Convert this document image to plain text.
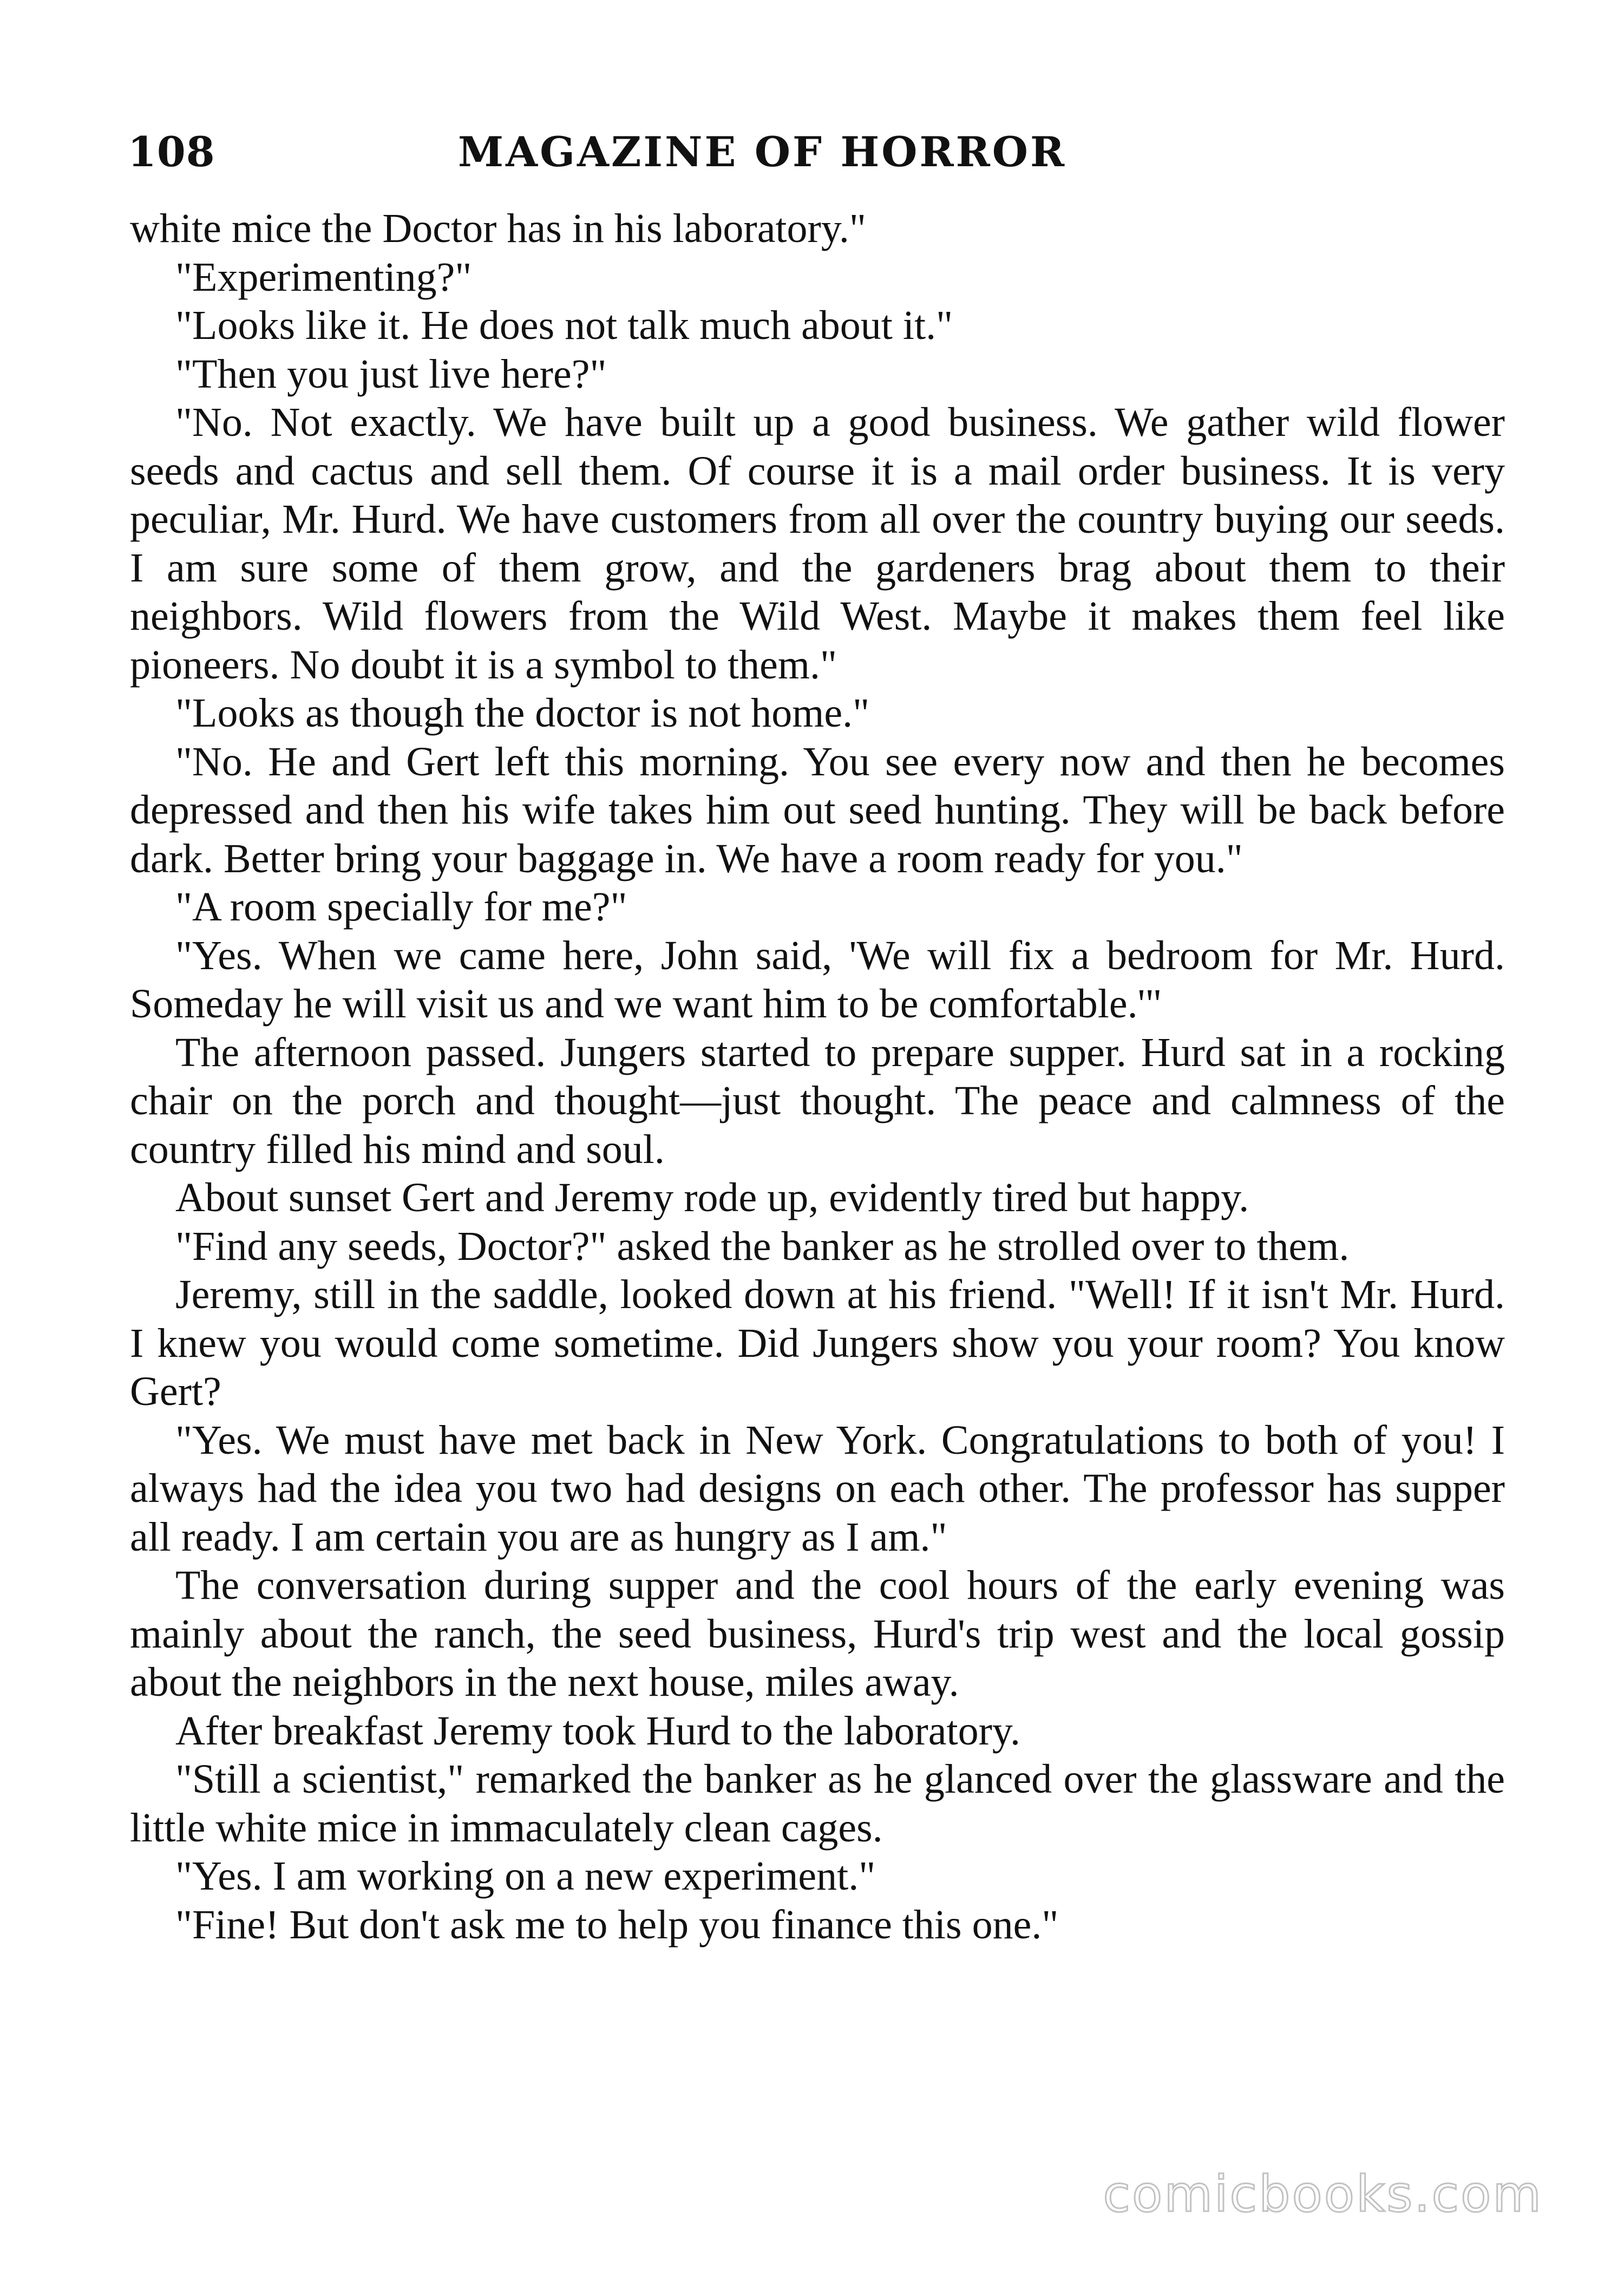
108	MAGAZINE OF HORROR

white mice the Doctor has in his laboratory."

"Experimenting?"

"Looks like it. He does not talk much about it."

"Then you just live here?"

"No. Not exactly. We have built up a good business. We gather wild flower seeds and cactus and sell them. Of course it is a mail order business. It is very peculiar, Mr. Hurd. We have customers from all over the country buying our seeds. I am sure some of them grow, and the gardeners brag about them to their neighbors. Wild flowers from the Wild West. Maybe it makes them feel like pioneers. No doubt it is a symbol to them."

"Looks as though the doctor is not home."

"No. He and Gert left this morning. You see every now and then he becomes depressed and then his wife takes him out seed hunting. They will be back before dark. Better bring your baggage in. We have a room ready for you."

"A room specially for me?"

"Yes. When we came here, John said, 'We will fix a bedroom for Mr. Hurd. Someday he will visit us and we want him to be comfortable.'"

The afternoon passed. Jungers started to prepare supper. Hurd sat in a rocking chair on the porch and thought—just thought. The peace and calmness of the country filled his mind and soul.

About sunset Gert and Jeremy rode up, evidently tired but happy.

"Find any seeds, Doctor?" asked the banker as he strolled over to them.

Jeremy, still in the saddle, looked down at his friend. "Well! If it isn't Mr. Hurd. I knew you would come sometime. Did Jungers show you your room? You know Gert?

"Yes. We must have met back in New York. Congratulations to both of you! I always had the idea you two had designs on each other. The professor has supper all ready. I am certain you are as hungry as I am."

The conversation during supper and the cool hours of the early evening was mainly about the ranch, the seed business, Hurd's trip west and the local gossip about the neighbors in the next house, miles away.

After breakfast Jeremy took Hurd to the laboratory.

"Still a scientist," remarked the banker as he glanced over the glassware and the little white mice in immaculately clean cages.

"Yes. I am working on a new experiment."

"Fine! But don't ask me to help you finance this one."

comicbooks.com
